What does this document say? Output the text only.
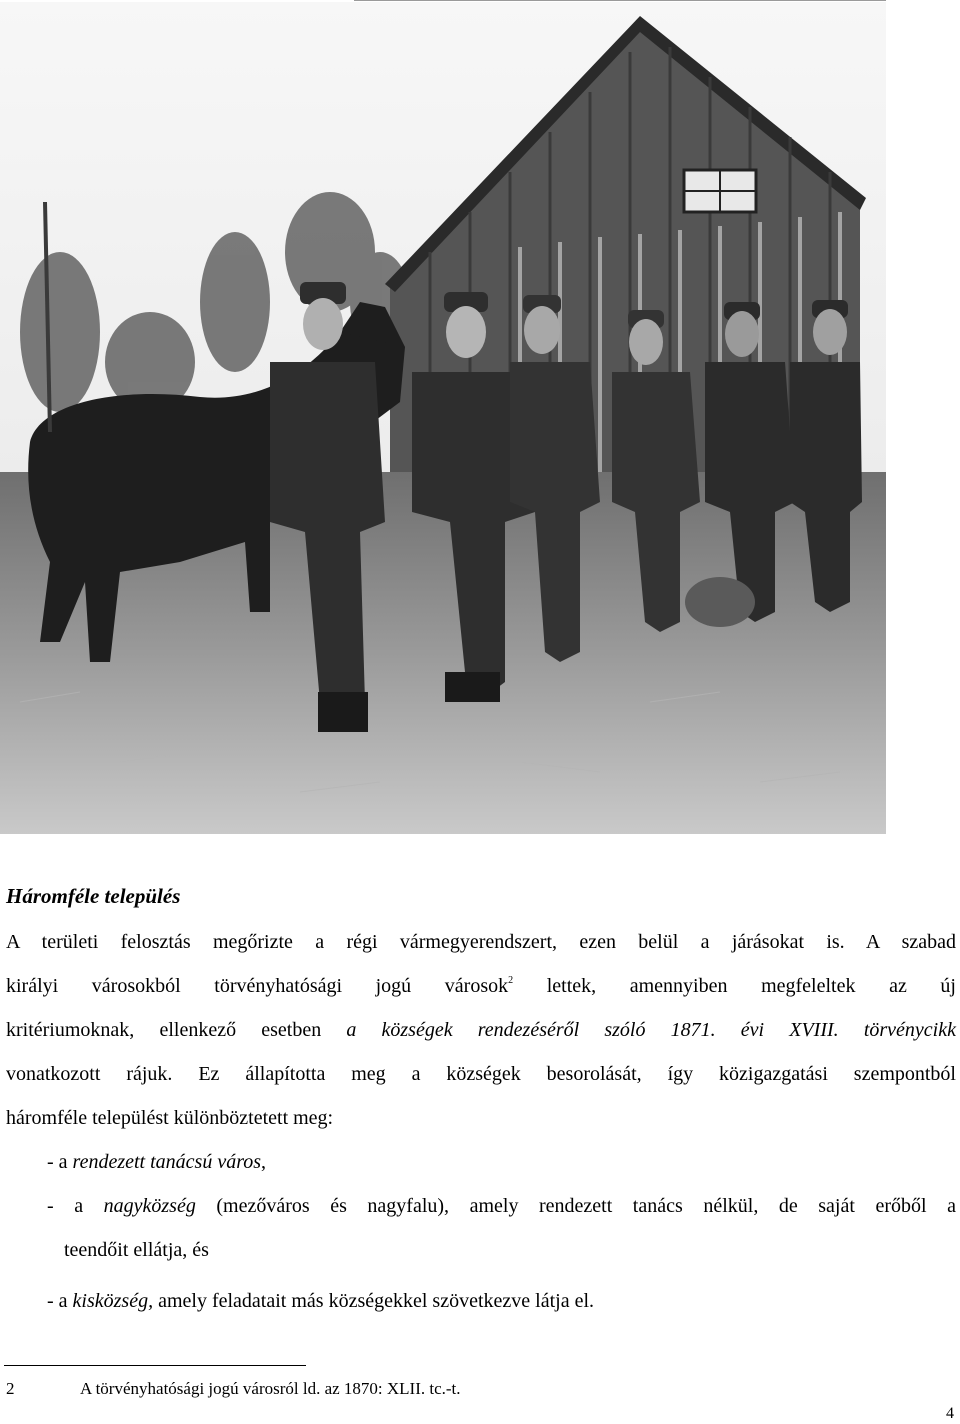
Háromféle település
A területi felosztás megőrizte a régi vármegyerendszert, ezen belül a járásokat is. A szabad
királyi városokból törvényhatósági jogú városok$^2$ lettek, amennyiben megfeleltek az új
kritériumoknak, ellenkező esetben a községek rendezéséről szóló 1871. évi XVIII. törvénycikk
vonatkozott rájuk. Ez állapította meg a községek besorolását, így közigazgatási szempontból
háromféle települést különböztetett meg:
- a rendezett tanácsú város,
- a nagyközség (mezőváros és nagyfalu), amely rendezett tanács nélkül, de saját erőből a
teendőit ellátja, és
- a kisközség, amely feladatait más községekkel szövetkezve látja el.
2	A törvényhatósági jogú városról ld. az 1870: XLII. tc.-t.
4
